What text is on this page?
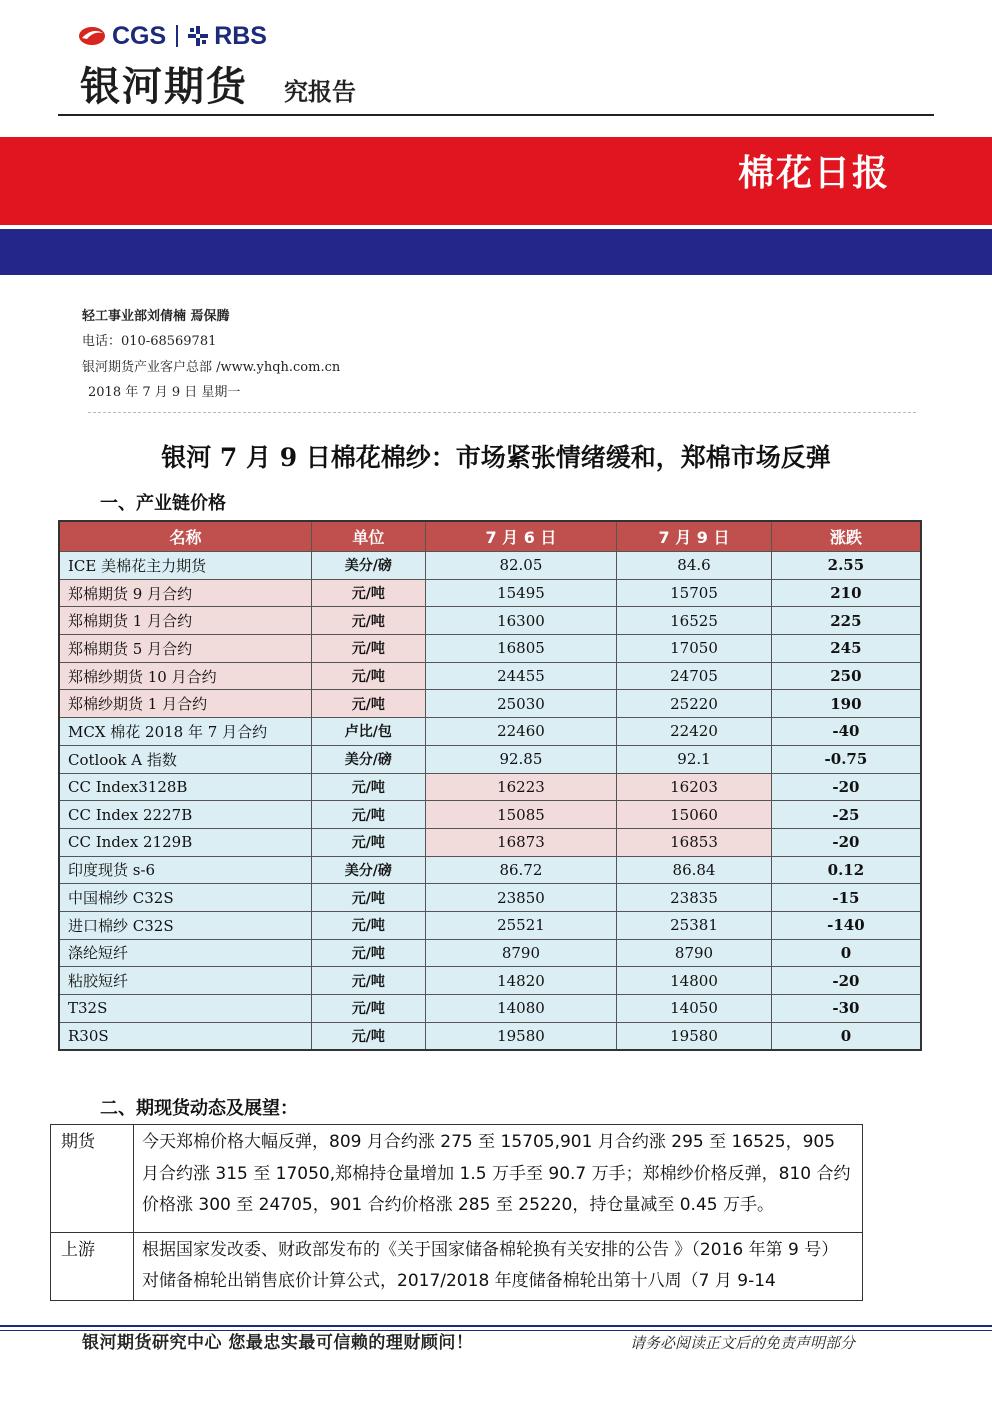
CGS RBS
银河期货 究报告
棉花日报
轻工事业部刘倩楠 焉保腾
电话：010-68569781
银河期货产业客户总部 /www.yhqh.com.cn
2018 年 7 月 9 日 星期一
银河 7 月 9 日棉花棉纱：市场紧张情绪缓和，郑棉市场反弹
一、产业链价格
名称	单位	7 月 6 日	7 月 9 日	涨跌
ICE 美棉花主力期货	美分/磅	82.05	84.6	2.55
郑棉期货 9 月合约	元/吨	15495	15705	210
郑棉期货 1 月合约	元/吨	16300	16525	225
郑棉期货 5 月合约	元/吨	16805	17050	245
郑棉纱期货 10 月合约	元/吨	24455	24705	250
郑棉纱期货 1 月合约	元/吨	25030	25220	190
MCX 棉花 2018 年 7 月合约	卢比/包	22460	22420	-40
Cotlook A 指数	美分/磅	92.85	92.1	-0.75
CC Index3128B	元/吨	16223	16203	-20
CC Index 2227B	元/吨	15085	15060	-25
CC Index 2129B	元/吨	16873	16853	-20
印度现货 s-6	美分/磅	86.72	86.84	0.12
中国棉纱 C32S	元/吨	23850	23835	-15
进口棉纱 C32S	元/吨	25521	25381	-140
涤纶短纤	元/吨	8790	8790	0
粘胶短纤	元/吨	14820	14800	-20
T32S	元/吨	14080	14050	-30
R30S	元/吨	19580	19580	0
二、期现货动态及展望：
期货	今天郑棉价格大幅反弹，809 月合约涨 275 至 15705,901 月合约涨 295 至 16525，905 月合约涨 315 至 17050,郑棉持仓量增加 1.5 万手至 90.7 万手；郑棉纱价格反弹，810 合约价格涨 300 至 24705，901 合约价格涨 285 至 25220，持仓量减至 0.45 万手。
上游	根据国家发改委、财政部发布的《关于国家储备棉轮换有关安排的公告 》（2016 年第 9 号）对储备棉轮出销售底价计算公式，2017/2018 年度储备棉轮出第十八周（7 月 9-14
银河期货研究中心 您最忠实最可信赖的理财顾问！	请务必阅读正文后的免责声明部分
